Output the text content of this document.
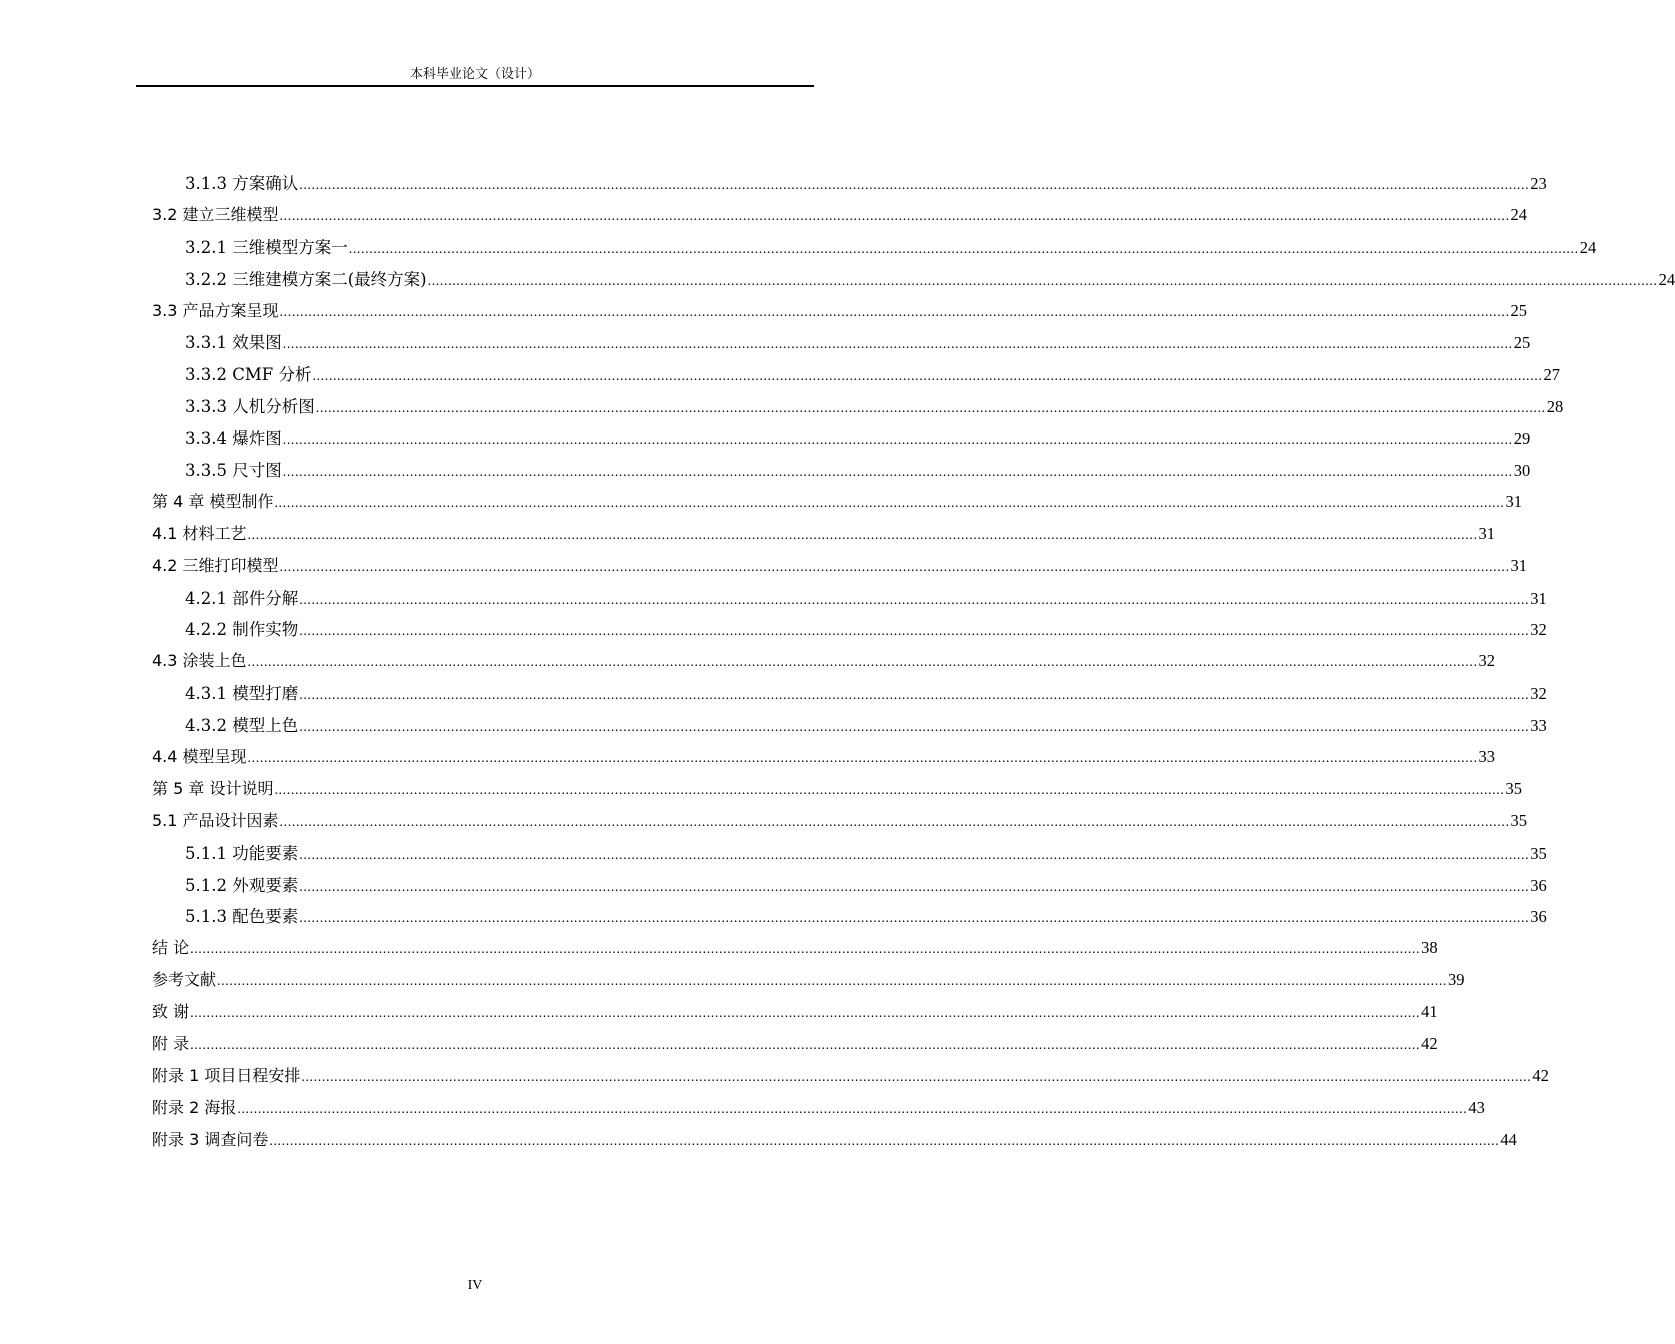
本科毕业论文（设计）
3.1.3 方案确认 ............................................................................................................................................................................................................................................................................................................ 23
3.2 建立三维模型 ............................................................................................................................................................................................................................................................................................................ 24
3.2.1 三维模型方案一 ............................................................................................................................................................................................................................................................................................................ 24
3.2.2 三维建模方案二(最终方案) ............................................................................................................................................................................................................................................................................................................ 24
3.3 产品方案呈现 ............................................................................................................................................................................................................................................................................................................ 25
3.3.1 效果图 ............................................................................................................................................................................................................................................................................................................ 25
3.3.2 CMF 分析 ............................................................................................................................................................................................................................................................................................................ 27
3.3.3 人机分析图 ............................................................................................................................................................................................................................................................................................................ 28
3.3.4 爆炸图 ............................................................................................................................................................................................................................................................................................................ 29
3.3.5 尺寸图 ............................................................................................................................................................................................................................................................................................................ 30
第 4 章 模型制作 ............................................................................................................................................................................................................................................................................................................ 31
4.1 材料工艺 ............................................................................................................................................................................................................................................................................................................ 31
4.2 三维打印模型 ............................................................................................................................................................................................................................................................................................................ 31
4.2.1 部件分解 ............................................................................................................................................................................................................................................................................................................ 31
4.2.2 制作实物 ............................................................................................................................................................................................................................................................................................................ 32
4.3 涂装上色 ............................................................................................................................................................................................................................................................................................................ 32
4.3.1 模型打磨 ............................................................................................................................................................................................................................................................................................................ 32
4.3.2 模型上色 ............................................................................................................................................................................................................................................................................................................ 33
4.4 模型呈现 ............................................................................................................................................................................................................................................................................................................ 33
第 5 章 设计说明 ............................................................................................................................................................................................................................................................................................................ 35
5.1 产品设计因素 ............................................................................................................................................................................................................................................................................................................ 35
5.1.1 功能要素 ............................................................................................................................................................................................................................................................................................................ 35
5.1.2 外观要素 ............................................................................................................................................................................................................................................................................................................ 36
5.1.3 配色要素 ............................................................................................................................................................................................................................................................................................................ 36
结 论 ............................................................................................................................................................................................................................................................................................................ 38
参考文献 ............................................................................................................................................................................................................................................................................................................ 39
致 谢 ............................................................................................................................................................................................................................................................................................................ 41
附 录 ............................................................................................................................................................................................................................................................................................................ 42
附录 1 项目日程安排 ............................................................................................................................................................................................................................................................................................................ 42
附录 2 海报 ............................................................................................................................................................................................................................................................................................................ 43
附录 3 调查问卷 ............................................................................................................................................................................................................................................................................................................ 44
IV
